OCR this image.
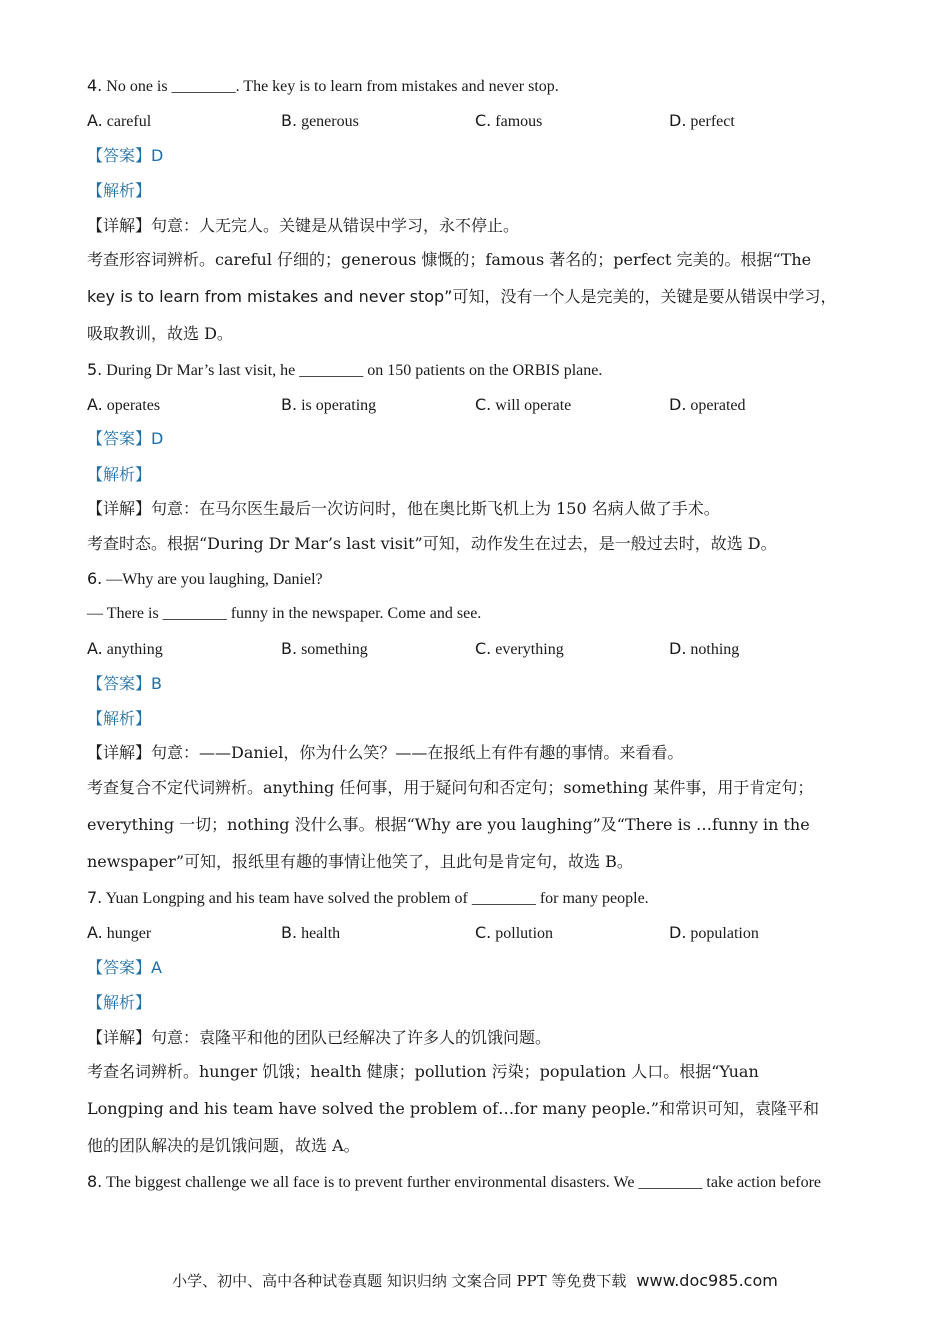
4. No one is ________. The key is to learn from mistakes and never stop.
A. careful	B. generous	C. famous	D. perfect
【答案】D
【解析】
【详解】句意：人无完人。关键是从错误中学习，永不停止。
考查形容词辨析。careful 仔细的；generous 慷慨的；famous 著名的；perfect 完美的。根据“The
key is to learn from mistakes and never stop”可知，没有一个人是完美的，关键是要从错误中学习，
吸取教训，故选 D。
5. During Dr Mar’s last visit, he ________ on 150 patients on the ORBIS plane.
A. operates	B. is operating	C. will operate	D. operated
【答案】D
【解析】
【详解】句意：在马尔医生最后一次访问时，他在奥比斯飞机上为 150 名病人做了手术。
考查时态。根据“During Dr Mar’s last visit”可知，动作发生在过去，是一般过去时，故选 D。
6. —Why are you laughing, Daniel?
— There is ________ funny in the newspaper. Come and see.
A. anything	B. something	C. everything	D. nothing
【答案】B
【解析】
【详解】句意：——Daniel，你为什么笑？——在报纸上有件有趣的事情。来看看。
考查复合不定代词辨析。anything 任何事，用于疑问句和否定句；something 某件事，用于肯定句；
everything 一切；nothing 没什么事。根据“Why are you laughing”及“There is …funny in the
newspaper”可知，报纸里有趣的事情让他笑了，且此句是肯定句，故选 B。
7. Yuan Longping and his team have solved the problem of ________ for many people.
A. hunger	B. health	C. pollution	D. population
【答案】A
【解析】
【详解】句意：袁隆平和他的团队已经解决了许多人的饥饿问题。
考查名词辨析。hunger 饥饿；health 健康；pollution 污染；population 人口。根据“Yuan
Longping and his team have solved the problem of…for many people.”和常识可知，袁隆平和
他的团队解决的是饥饿问题，故选 A。
8. The biggest challenge we all face is to prevent further environmental disasters. We ________ take action before
小学、初中、高中各种试卷真题 知识归纳 文案合同 PPT 等免费下载 www.doc985.com
